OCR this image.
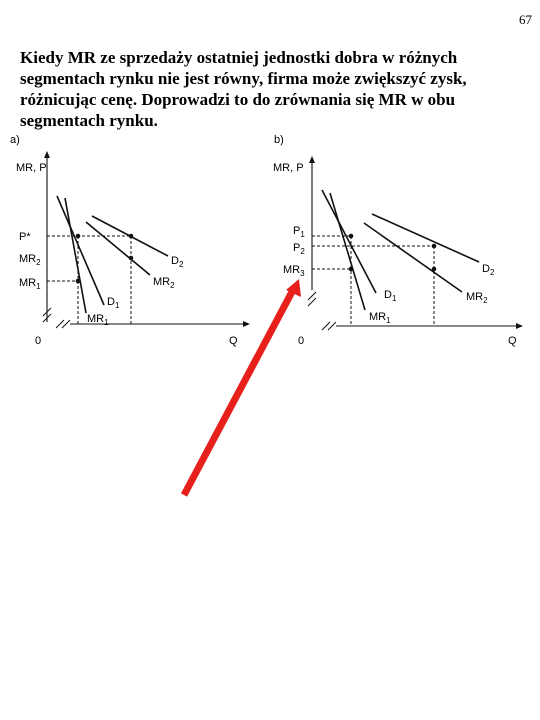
67
Kiedy MR ze sprzedaży ostatniej jednostki dobra w różnych
segmentach rynku nie jest równy, firma może zwiększyć zysk,
różnicując cenę. Doprowadzi to do zrównania się MR w obu
segmentach rynku.
a)
MR, P
0	Q
P*
$MR_2$
$MR_1$
$D_1$
$MR_1$
$D_2$
$MR_2$
b)
MR, P
0	Q
$P_1$
$P_2$
$MR_3$
$D_1$
$MR_1$
$D_2$
$MR_2$
